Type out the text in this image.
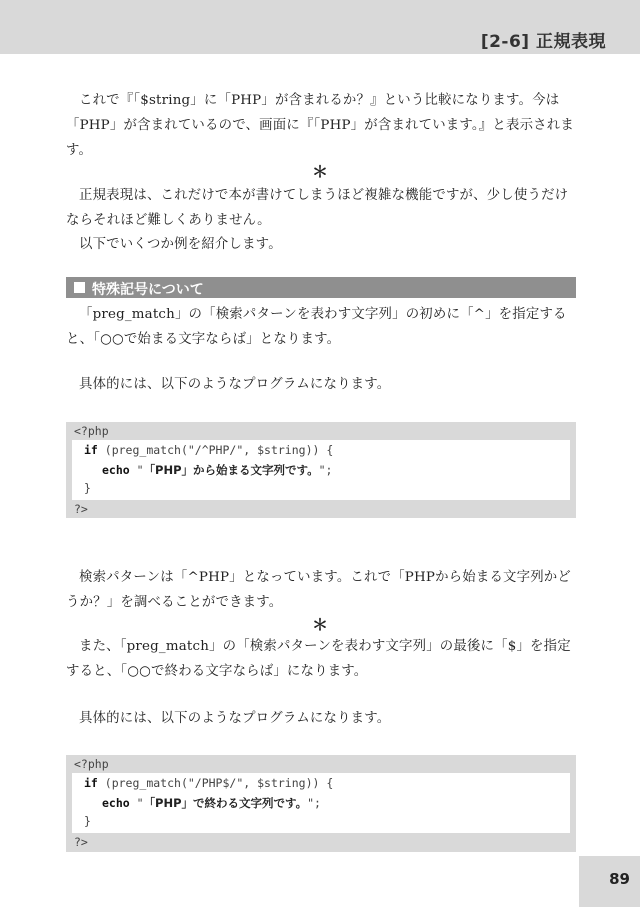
[2-6] 正規表現

これで『「$string」に「PHP」が含まれるか？』という比較になります。今は「PHP」が含まれているので、画面に『「PHP」が含まれています。』と表示されます。

＊

正規表現は、これだけで本が書けてしまうほど複雑な機能ですが、少し使うだけならそれほど難しくありません。

以下でいくつか例を紹介します。

特殊記号について

「preg_match」の「検索パターンを表わす文字列」の初めに「^」を指定すると、「○○で始まる文字ならば」となります。

具体的には、以下のようなプログラムになります。

<?php
if (preg_match("/^PHP/", $string)) {
echo "「PHP」から始まる文字列です。";
}
?>

検索パターンは「^PHP」となっています。これで「PHPから始まる文字列かどうか？」を調べることができます。

＊

また、「preg_match」の「検索パターンを表わす文字列」の最後に「$」を指定すると、「○○で終わる文字ならば」になります。

具体的には、以下のようなプログラムになります。

<?php
if (preg_match("/PHP$/", $string)) {
echo "「PHP」で終わる文字列です。";
}
?>
89
